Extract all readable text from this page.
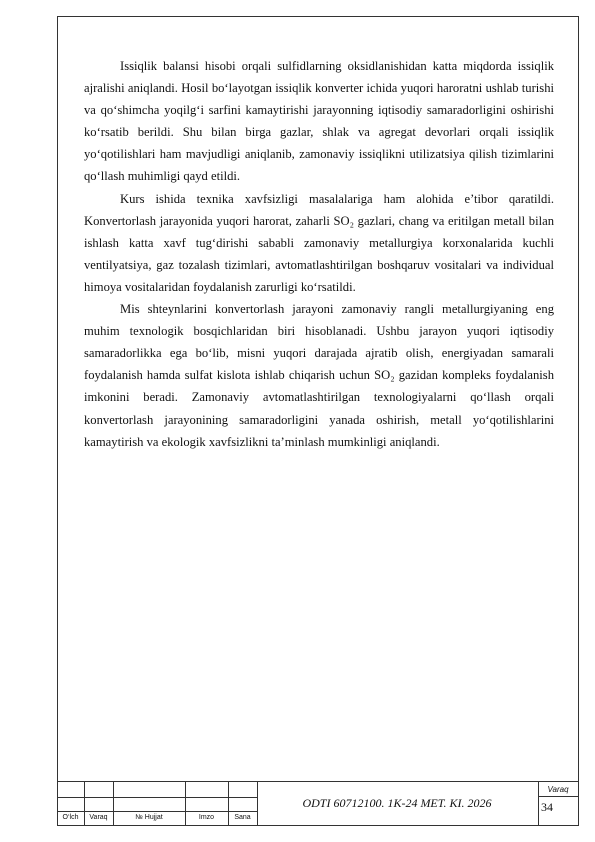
Issiqlik balansi hisobi orqali sulfidlarning oksidlanishidan katta miqdorda issiqlik ajralishi aniqlandi. Hosil bo‘layotgan issiqlik konverter ichida yuqori haroratni ushlab turishi va qo‘shimcha yoqilg‘i sarfini kamaytirishi jarayonning iqtisodiy samaradorligini oshirishi ko‘rsatib berildi. Shu bilan birga gazlar, shlak va agregat devorlari orqali issiqlik yo‘qotilishlari ham mavjudligi aniqlanib, zamonaviy issiqlikni utilizatsiya qilish tizimlarini qo‘llash muhimligi qayd etildi.

Kurs ishida texnika xavfsizligi masalalariga ham alohida e’tibor qaratildi. Konvertorlash jarayonida yuqori harorat, zaharli SO₂ gazlari, chang va eritilgan metall bilan ishlash katta xavf tug‘dirishi sababli zamonaviy metallurgiya korxonalarida kuchli ventilyatsiya, gaz tozalash tizimlari, avtomatlashtirilgan boshqaruv vositalari va individual himoya vositalaridan foydalanish zarurligi ko‘rsatildi.

Mis shteynlarini konvertorlash jarayoni zamonaviy rangli metallurgiyaning eng muhim texnologik bosqichlaridan biri hisoblanadi. Ushbu jarayon yuqori iqtisodiy samaradorlikka ega bo‘lib, misni yuqori darajada ajratib olish, energiyadan samarali foydalanish hamda sulfat kislota ishlab chiqarish uchun SO₂ gazidan kompleks foydalanish imkonini beradi. Zamonaviy avtomatlashtirilgan texnologiyalarni qo‘llash orqali konvertorlash jarayonining samaradorligini yanada oshirish, metall yo‘qotilishlarini kamaytirish va ekologik xavfsizlikni ta’minlash mumkinligi aniqlandi.

O‘lch	Varaq	№ Hujjat	Imzo	Sana
ODTI 60712100. 1K-24 MET. KI. 2026
Varaq
34
